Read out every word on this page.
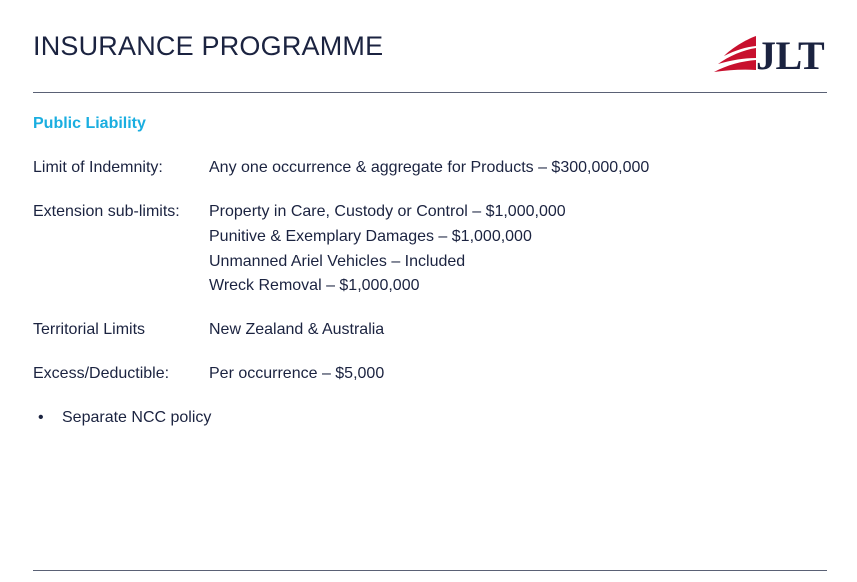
INSURANCE PROGRAMME	JLT
Public Liability
Limit of Indemnity:	Any one occurrence & aggregate for Products – $300,000,000
Extension sub-limits: Property in Care, Custody or Control – $1,000,000
Punitive & Exemplary Damages – $1,000,000
Unmanned Ariel Vehicles – Included
Wreck Removal – $1,000,000
Territorial Limits	New Zealand & Australia
Excess/Deductible: Per occurrence – $5,000
• Separate NCC policy
